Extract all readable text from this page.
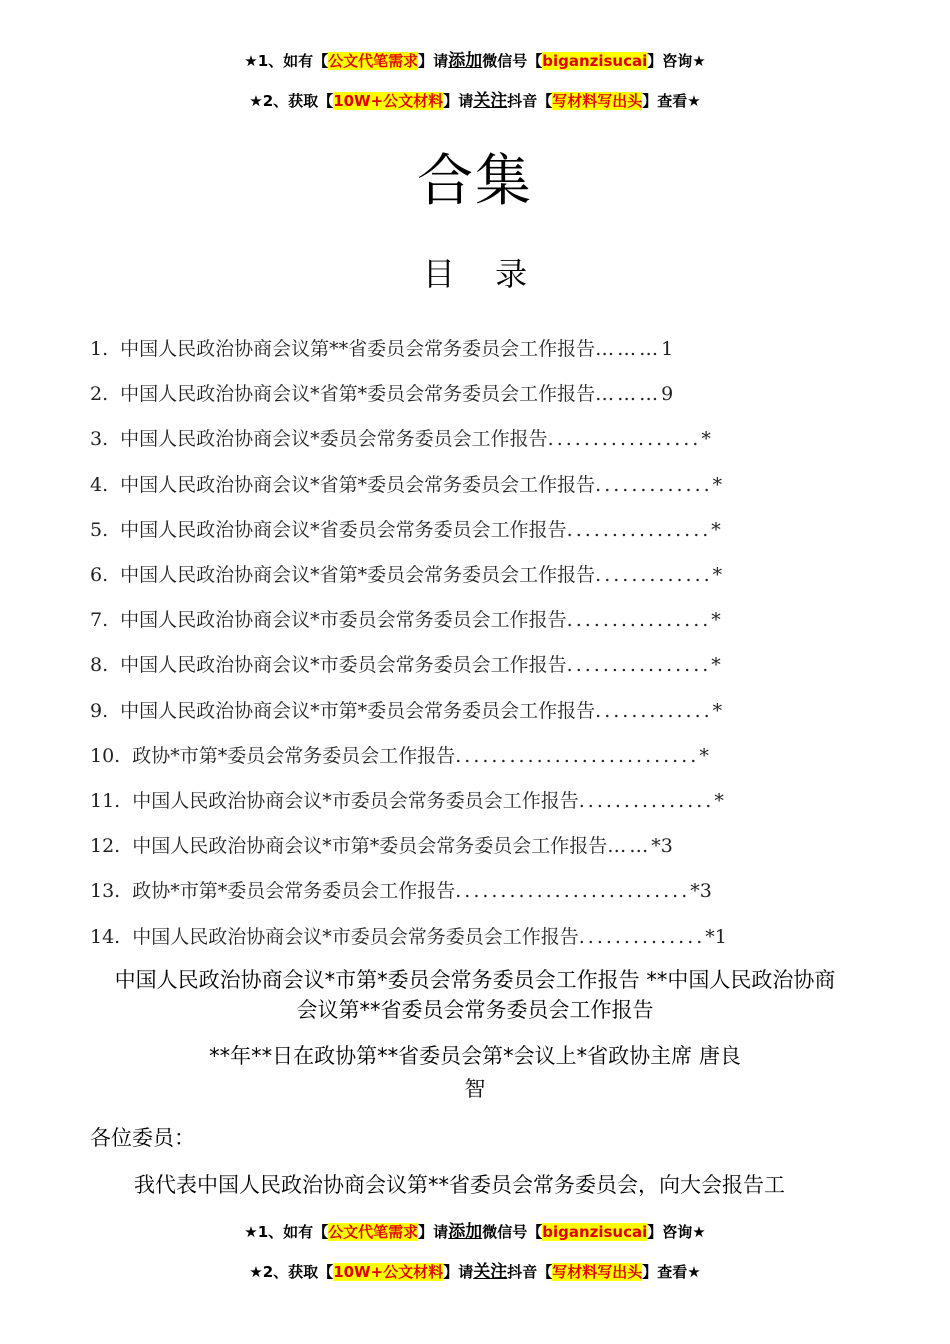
★1、如有【公文代笔需求】请添加微信号【biganzisucai】咨询★
★2、获取【10W+公文材料】请关注抖音【写材料写出头】查看★
合集
目 录
1. 中国人民政治协商会议第**省委员会常务委员会工作报告………1
2. 中国人民政治协商会议*省第*委员会常务委员会工作报告………9
3. 中国人民政治协商会议*委员会常务委员会工作报告.................*
4. 中国人民政治协商会议*省第*委员会常务委员会工作报告.............*
5. 中国人民政治协商会议*省委员会常务委员会工作报告................*
6. 中国人民政治协商会议*省第*委员会常务委员会工作报告.............*
7. 中国人民政治协商会议*市委员会常务委员会工作报告................*
8. 中国人民政治协商会议*市委员会常务委员会工作报告................*
9. 中国人民政治协商会议*市第*委员会常务委员会工作报告.............*
10. 政协*市第*委员会常务委员会工作报告...........................*
11. 中国人民政治协商会议*市委员会常务委员会工作报告...............*
12. 中国人民政治协商会议*市第*委员会常务委员会工作报告……*3
13. 政协*市第*委员会常务委员会工作报告..........................*3
14. 中国人民政治协商会议*市委员会常务委员会工作报告..............*1
中国人民政治协商会议*市第*委员会常务委员会工作报告 **中国人民政治协商
会议第**省委员会常务委员会工作报告
**年**日在政协第**省委员会第*会议上*省政协主席 唐良
智
各位委员：
我代表中国人民政治协商会议第**省委员会常务委员会，向大会报告工
★1、如有【公文代笔需求】请添加微信号【biganzisucai】咨询★
★2、获取【10W+公文材料】请关注抖音【写材料写出头】查看★
